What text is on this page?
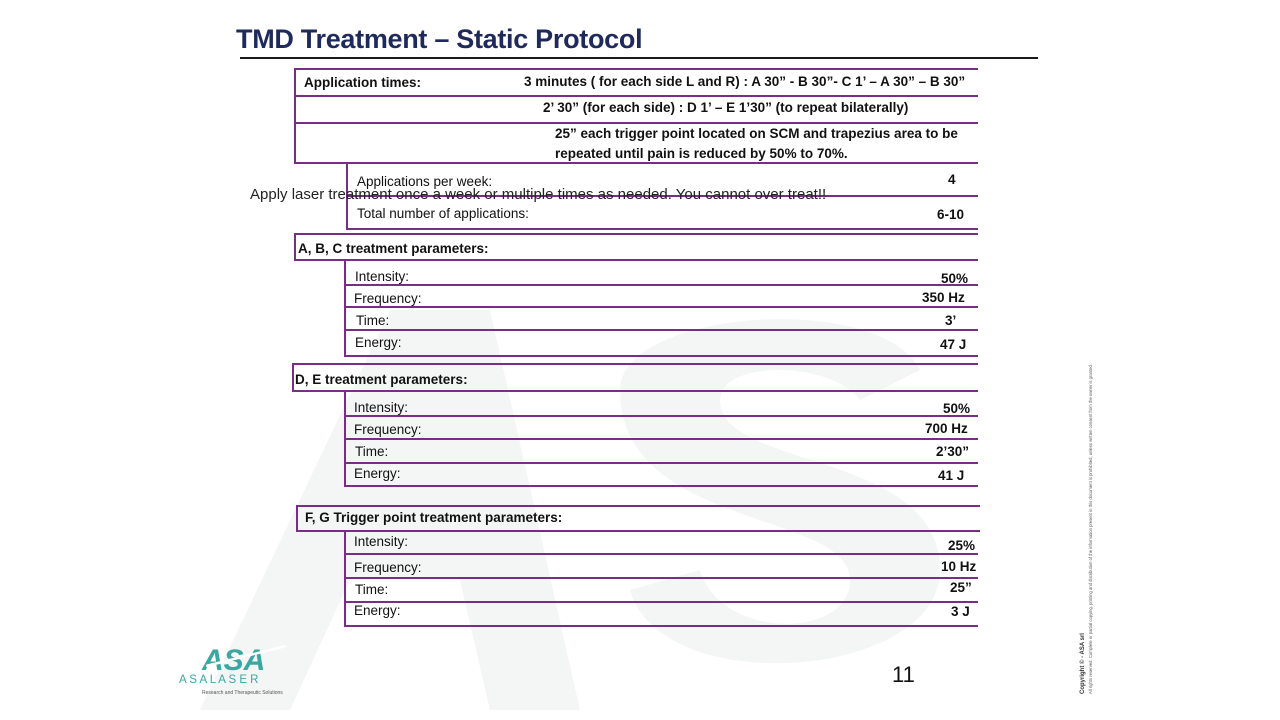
TMD Treatment – Static Protocol
Application times:	3 minutes ( for each side L and R) : A 30” - B 30”- C 1’ – A 30” – B 30”
2’ 30” (for each side) : D 1’ – E 1’30” (to repeat bilaterally)
25” each trigger point located on SCM and trapezius area to be
repeated until pain is reduced by 50% to 70%.
Applications per week:	4
Total number of applications:	6-10
A, B, C treatment parameters:
Intensity:	50%
Frequency:	350 Hz
Time:	3’
Energy:	47 J
D, E treatment parameters:
Intensity:	50%
Frequency:	700 Hz
Time:	2’30”
Energy:	41 J
F, G Trigger point treatment parameters:
Intensity:	25%
Frequency:	10 Hz
Time:	25”
Energy:	3 J
Apply laser treatment once a week or multiple times as needed. You cannot over treat!!
11	Copyright © - ASA srl All rights reserved. Complete or partial copying, printing and distribution of the information present in this document is prohibited, unless written consent from the owner is granted.
ASA
A S A L A S E R
Research and Therapeutic Solutions
